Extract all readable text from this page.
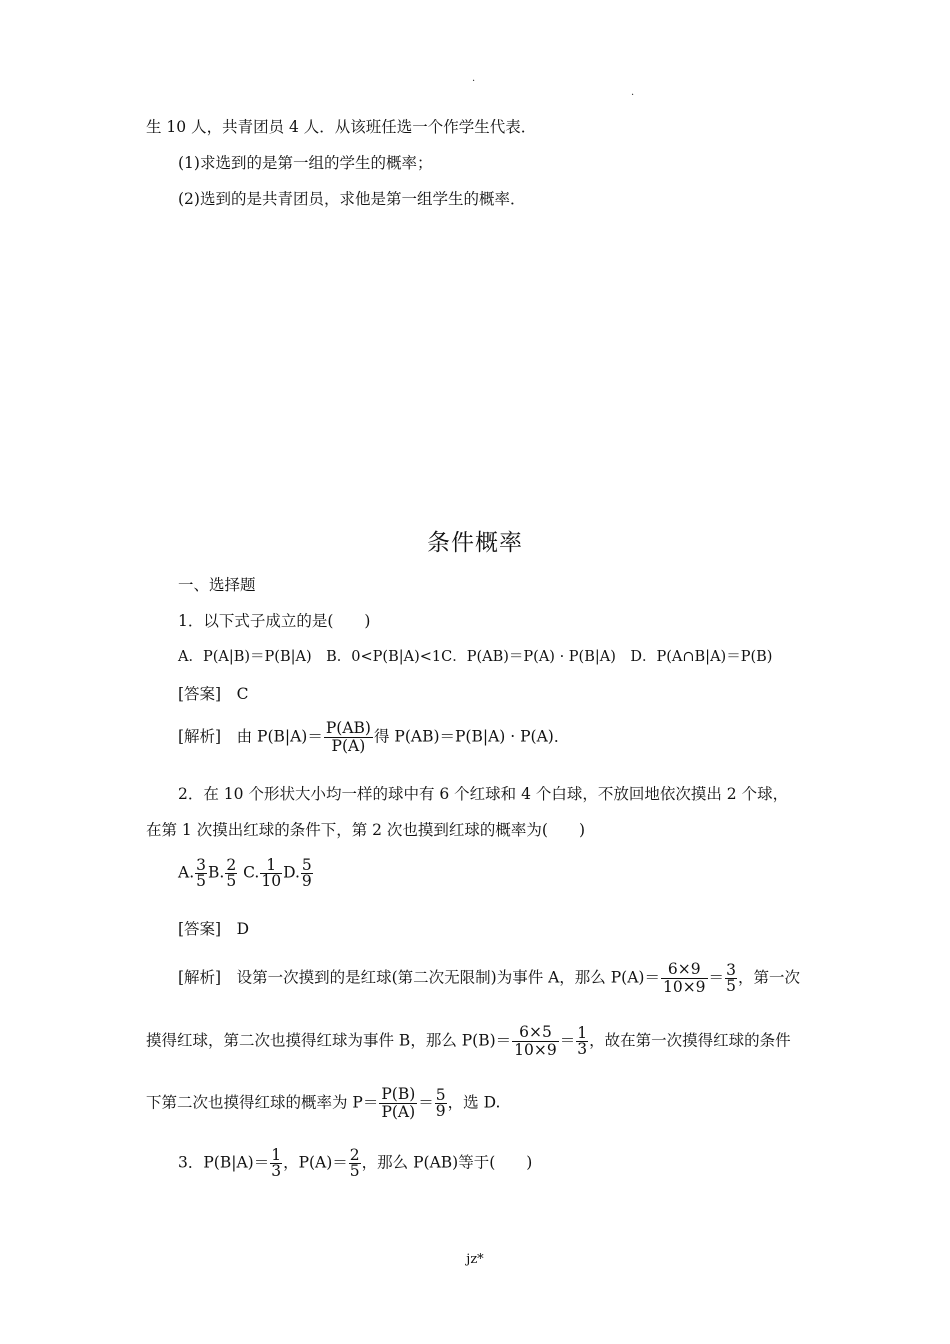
·
·
生 10 人，共青团员 4 人．从该班任选一个作学生代表．
(1)求选到的是第一组的学生的概率；
(2)选到的是共青团员，求他是第一组学生的概率．
条件概率
一、选择题
1．以下式子成立的是(　　)
A．P(A|B)＝P(B|A)　B．0<P(B|A)<1C．P(AB)＝P(A) · P(B|A)　D．P(A∩B|A)＝P(B)
[答案]　C
[解析]　由 $P(B|A)= \frac{P(AB)}{P(A)}$ 得 P(AB)＝P(B|A) · P(A)．
2．在 10 个形状大小均一样的球中有 6 个红球和 4 个白球，不放回地依次摸出 2 个球，
在第 1 次摸出红球的条件下，第 2 次也摸到红球的概率为(　　)
A. $\frac{3}{5} B$. $\frac{2}{5} C$. $\frac{1}{10} D$. $\frac{5}{9}$
[答案]　D
[解析]　设第一次摸到的是红球(第二次无限制)为事件 A，那么 $P(A)= \frac{6\times 9}{10\times 9} = \frac{3}{5}$ ，第一次
摸得红球，第二次也摸得红球为事件 B，那么 $P(B)= \frac{6\times 5}{10\times 9} = \frac{1}{3}$ ，故在第一次摸得红球的条件
下第二次也摸得红球的概率为 $P= \frac{P(B)}{P(A)} = \frac{5}{9}$ ，选 D.
3．$P(B|A)= \frac{1}{3}$ ，$P(A)= \frac{2}{5}$ ，那么 P(AB)等于(　　)
jz*
